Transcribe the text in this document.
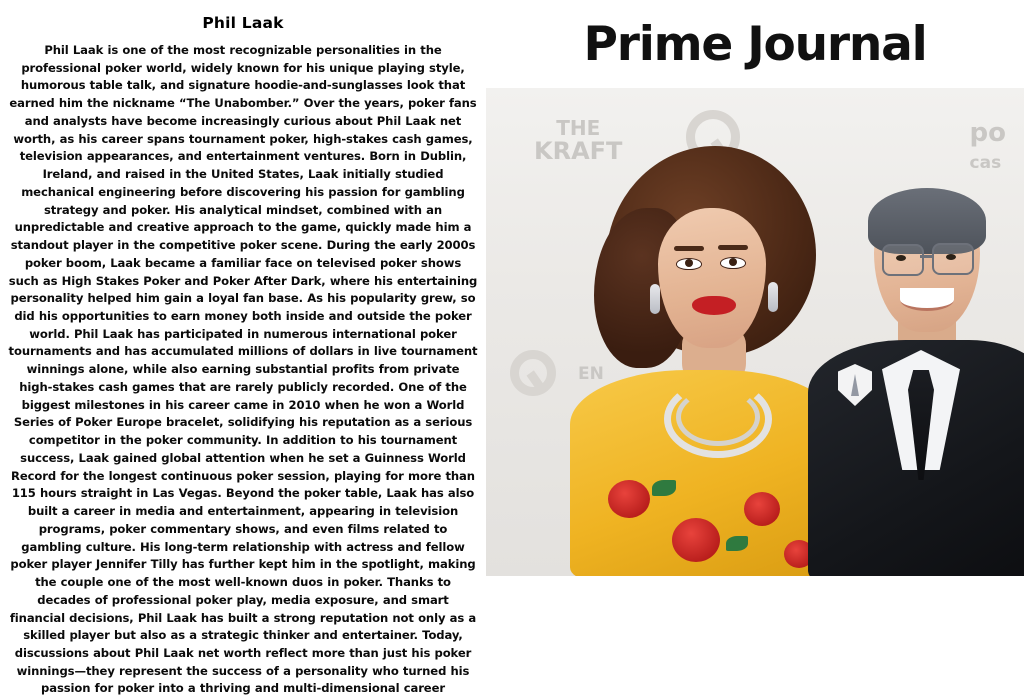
Phil Laak

Phil Laak is one of the most recognizable personalities in the professional poker world, widely known for his unique playing style, humorous table talk, and signature hoodie-and-sunglasses look that earned him the nickname “The Unabomber.” Over the years, poker fans and analysts have become increasingly curious about Phil Laak net worth, as his career spans tournament poker, high-stakes cash games, television appearances, and entertainment ventures. Born in Dublin, Ireland, and raised in the United States, Laak initially studied mechanical engineering before discovering his passion for gambling strategy and poker. His analytical mindset, combined with an unpredictable and creative approach to the game, quickly made him a standout player in the competitive poker scene. During the early 2000s poker boom, Laak became a familiar face on televised poker shows such as High Stakes Poker and Poker After Dark, where his entertaining personality helped him gain a loyal fan base. As his popularity grew, so did his opportunities to earn money both inside and outside the poker world. Phil Laak has participated in numerous international poker tournaments and has accumulated millions of dollars in live tournament winnings alone, while also earning substantial profits from private high-stakes cash games that are rarely publicly recorded. One of the biggest milestones in his career came in 2010 when he won a World Series of Poker Europe bracelet, solidifying his reputation as a serious competitor in the poker community. In addition to his tournament success, Laak gained global attention when he set a Guinness World Record for the longest continuous poker session, playing for more than 115 hours straight in Las Vegas. Beyond the poker table, Laak has also built a career in media and entertainment, appearing in television programs, poker commentary shows, and even films related to gambling culture. His long-term relationship with actress and fellow poker player Jennifer Tilly has further kept him in the spotlight, making the couple one of the most well-known duos in poker. Thanks to decades of professional poker play, media exposure, and smart financial decisions, Phil Laak has built a strong reputation not only as a skilled player but also as a strategic thinker and entertainer. Today, discussions about Phil Laak net worth reflect more than just his poker winnings—they represent the success of a personality who turned his passion for poker into a thriving and multi-dimensional career

Prime Journal
THE
KRAFT
po
cas
EN
